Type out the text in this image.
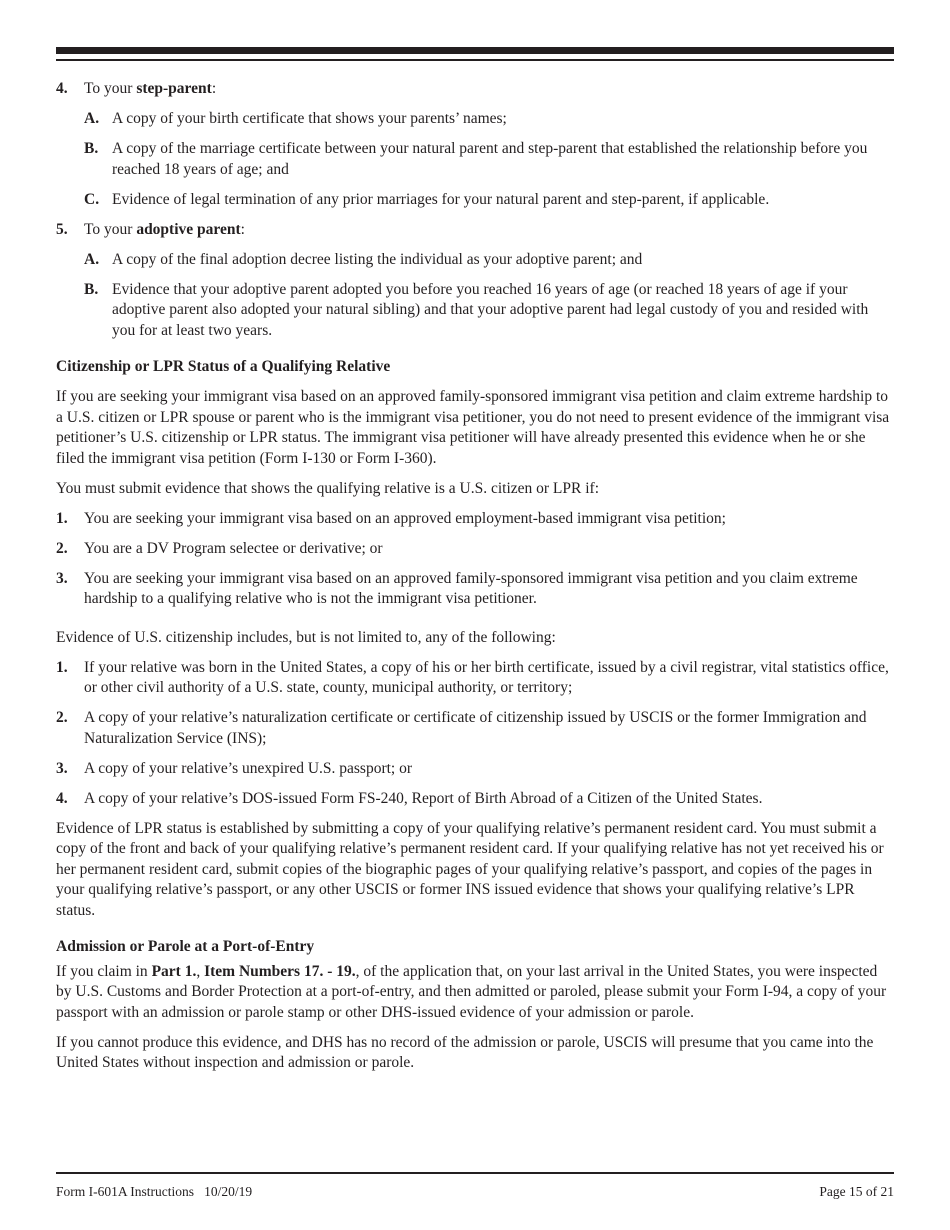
4.	To your step-parent:
A. A copy of your birth certificate that shows your parents’ names;
B. A copy of the marriage certificate between your natural parent and step-parent that established the relationship before you reached 18 years of age; and
C. Evidence of legal termination of any prior marriages for your natural parent and step-parent, if applicable.
5.	To your adoptive parent:
A. A copy of the final adoption decree listing the individual as your adoptive parent; and
B. Evidence that your adoptive parent adopted you before you reached 16 years of age (or reached 18 years of age if your adoptive parent also adopted your natural sibling) and that your adoptive parent had legal custody of you and resided with you for at least two years.
Citizenship or LPR Status of a Qualifying Relative
If you are seeking your immigrant visa based on an approved family-sponsored immigrant visa petition and claim extreme hardship to a U.S. citizen or LPR spouse or parent who is the immigrant visa petitioner, you do not need to present evidence of the immigrant visa petitioner’s U.S. citizenship or LPR status. The immigrant visa petitioner will have already presented this evidence when he or she filed the immigrant visa petition (Form I-130 or Form I-360).
You must submit evidence that shows the qualifying relative is a U.S. citizen or LPR if:
1.	You are seeking your immigrant visa based on an approved employment-based immigrant visa petition;
2.	You are a DV Program selectee or derivative; or
3.	You are seeking your immigrant visa based on an approved family-sponsored immigrant visa petition and you claim extreme hardship to a qualifying relative who is not the immigrant visa petitioner.
Evidence of U.S. citizenship includes, but is not limited to, any of the following:
1.	If your relative was born in the United States, a copy of his or her birth certificate, issued by a civil registrar, vital statistics office, or other civil authority of a U.S. state, county, municipal authority, or territory;
2.	A copy of your relative’s naturalization certificate or certificate of citizenship issued by USCIS or the former Immigration and Naturalization Service (INS);
3.	A copy of your relative’s unexpired U.S. passport; or
4.	A copy of your relative’s DOS-issued Form FS-240, Report of Birth Abroad of a Citizen of the United States.
Evidence of LPR status is established by submitting a copy of your qualifying relative’s permanent resident card. You must submit a copy of the front and back of your qualifying relative’s permanent resident card. If your qualifying relative has not yet received his or her permanent resident card, submit copies of the biographic pages of your qualifying relative’s passport, and copies of the pages in your qualifying relative’s passport, or any other USCIS or former INS issued evidence that shows your qualifying relative’s LPR status.
Admission or Parole at a Port-of-Entry
If you claim in Part 1., Item Numbers 17. - 19., of the application that, on your last arrival in the United States, you were inspected by U.S. Customs and Border Protection at a port-of-entry, and then admitted or paroled, please submit your Form I-94, a copy of your passport with an admission or parole stamp or other DHS-issued evidence of your admission or parole.
If you cannot produce this evidence, and DHS has no record of the admission or parole, USCIS will presume that you came into the United States without inspection and admission or parole.
Form I-601A Instructions   10/20/19	Page 15 of 21
